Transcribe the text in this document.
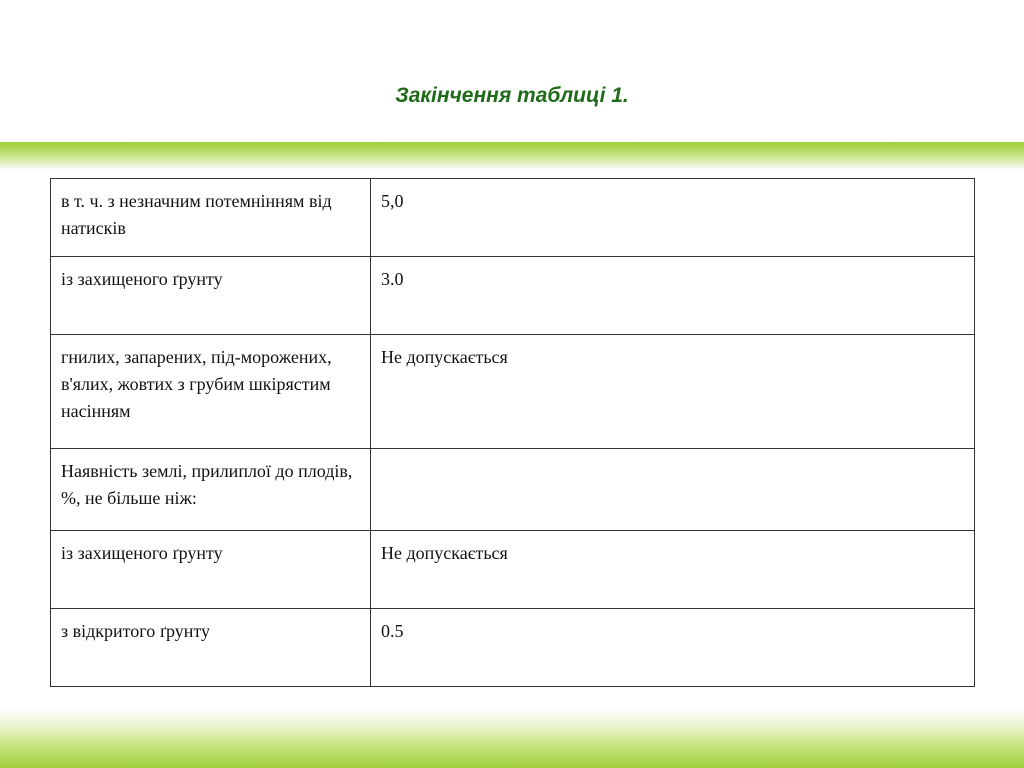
Закінчення таблиці 1.
в т. ч. з незначним потемнінням від натисків	5,0
із захищеного ґрунту	3.0
гнилих, запарених, під-морожених, в'ялих, жовтих з грубим шкірястим насінням	Не допускається
Наявність землі, прилиплої до плодів, %, не більше ніж:	
із захищеного ґрунту	Не допускається
з відкритого ґрунту	0.5
